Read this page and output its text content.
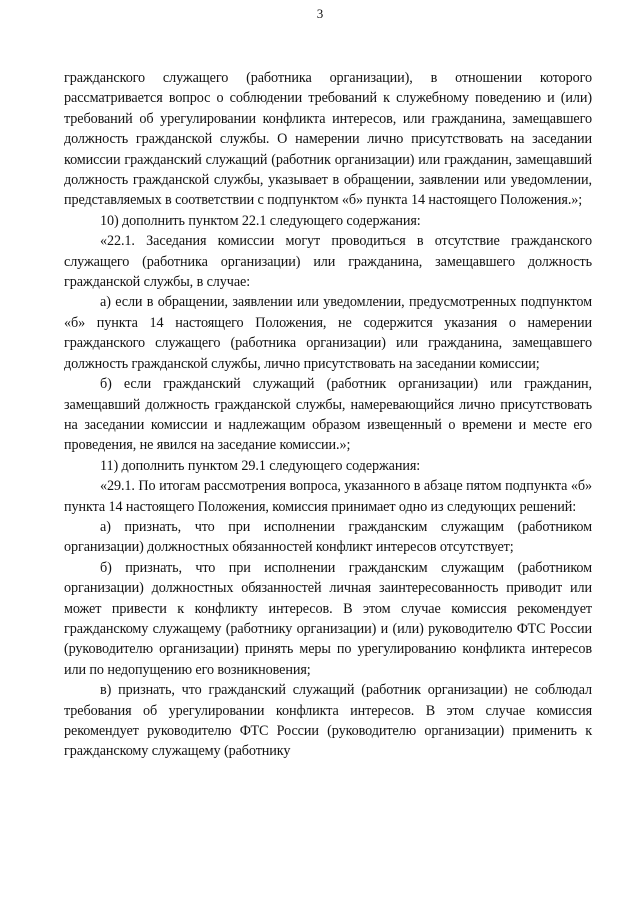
3

гражданского служащего (работника организации), в отношении которого рассматривается вопрос о соблюдении требований к служебному поведению и (или) требований об урегулировании конфликта интересов, или гражданина, замещавшего должность гражданской службы. О намерении лично присутствовать на заседании комиссии гражданский служащий (работник организации) или гражданин, замещавший должность гражданской службы, указывает в обращении, заявлении или уведомлении, представляемых в соответствии с подпунктом «б» пункта 14 настоящего Положения.»;

10) дополнить пунктом 22.1 следующего содержания:

«22.1. Заседания комиссии могут проводиться в отсутствие гражданского служащего (работника организации) или гражданина, замещавшего должность гражданской службы, в случае:

а) если в обращении, заявлении или уведомлении, предусмотренных подпунктом «б» пункта 14 настоящего Положения, не содержится указания о намерении гражданского служащего (работника организации) или гражданина, замещавшего должность гражданской службы, лично присутствовать на заседании комиссии;

б) если гражданский служащий (работник организации) или гражданин, замещавший должность гражданской службы, намеревающийся лично присутствовать на заседании комиссии и надлежащим образом извещенный о времени и месте его проведения, не явился на заседание комиссии.»;

11) дополнить пунктом 29.1 следующего содержания:

«29.1. По итогам рассмотрения вопроса, указанного в абзаце пятом подпункта «б» пункта 14 настоящего Положения, комиссия принимает одно из следующих решений:

а) признать, что при исполнении гражданским служащим (работником организации) должностных обязанностей конфликт интересов отсутствует;

б) признать, что при исполнении гражданским служащим (работником организации) должностных обязанностей личная заинтересованность приводит или может привести к конфликту интересов. В этом случае комиссия рекомендует гражданскому служащему (работнику организации) и (или) руководителю ФТС России (руководителю организации) принять меры по урегулированию конфликта интересов или по недопущению его возникновения;

в) признать, что гражданский служащий (работник организации) не соблюдал требования об урегулировании конфликта интересов. В этом случае комиссия рекомендует руководителю ФТС России (руководителю организации) применить к гражданскому служащему (работнику
